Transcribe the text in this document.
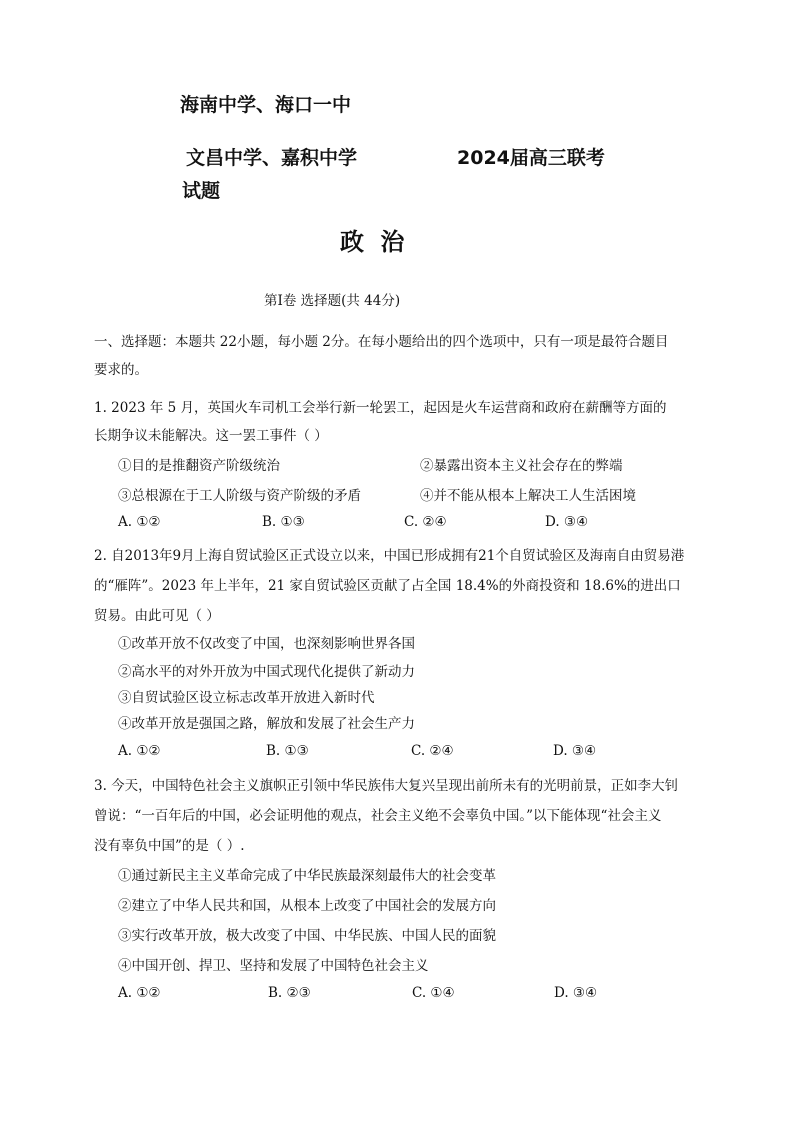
海南中学、海口一中
文昌中学、嘉积中学	2024届高三联考
试题
政 治
第Ⅰ卷 选择题(共 44分)
一、选择题：本题共 22小题，每小题 2分。在每小题给出的四个选项中，只有一项是最符合题目
要求的。
1. 2023 年 5 月，英国火车司机工会举行新一轮罢工，起因是火车运营商和政府在薪酬等方面的
长期争议未能解决。这一罢工事件（ ）
①目的是推翻资产阶级统治	②暴露出资本主义社会存在的弊端
③总根源在于工人阶级与资产阶级的矛盾	④并不能从根本上解决工人生活困境
A. ①②	B. ①③	C. ②④	D. ③④
2. 自2013年9月上海自贸试验区正式设立以来，中国已形成拥有21个自贸试验区及海南自由贸易港
的“雁阵”。2023 年上半年，21 家自贸试验区贡献了占全国 18.4%的外商投资和 18.6%的进出口
贸易。由此可见（ ）
①改革开放不仅改变了中国，也深刻影响世界各国
②高水平的对外开放为中国式现代化提供了新动力
③自贸试验区设立标志改革开放进入新时代
④改革开放是强国之路，解放和发展了社会生产力
A. ①②	B. ①③	C. ②④	D. ③④
3. 今天，中国特色社会主义旗帜正引领中华民族伟大复兴呈现出前所未有的光明前景，正如李大钊
曾说：“一百年后的中国，必会证明他的观点，社会主义绝不会辜负中国。”以下能体现“社会主义
没有辜负中国”的是（ ）.
①通过新民主主义革命完成了中华民族最深刻最伟大的社会变革
②建立了中华人民共和国，从根本上改变了中国社会的发展方向
③实行改革开放，极大改变了中国、中华民族、中国人民的面貌
④中国开创、捍卫、坚持和发展了中国特色社会主义
A. ①②	B. ②③	C. ①④	D. ③④
